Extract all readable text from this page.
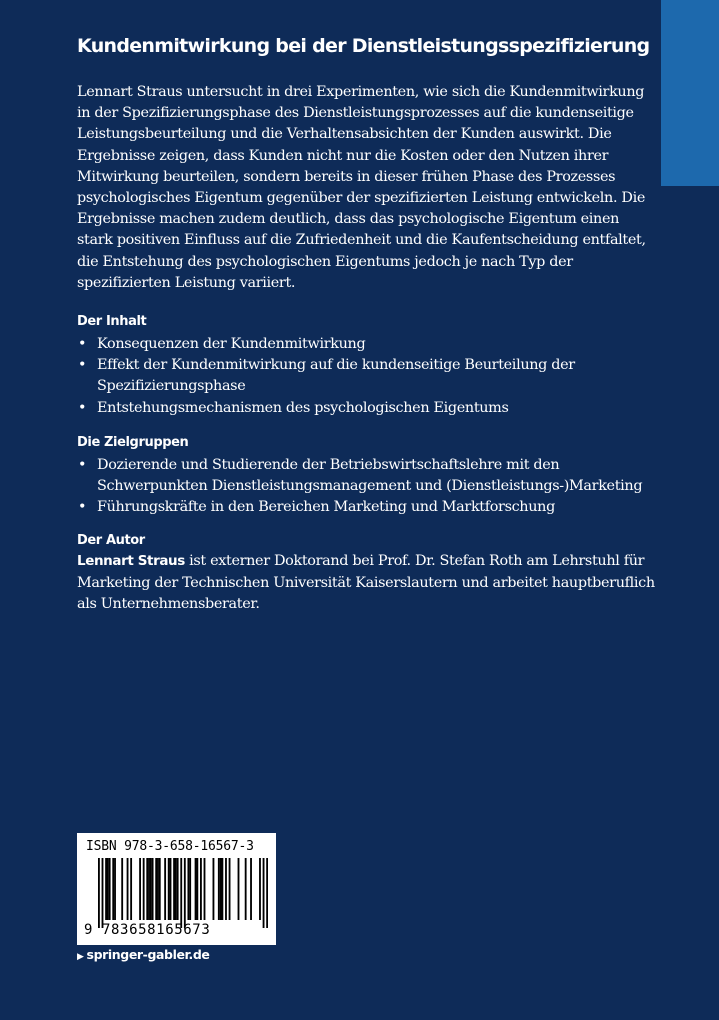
Kundenmitwirkung bei der Dienstleistungsspezifizierung

Lennart Straus untersucht in drei Experimenten, wie sich die Kundenmitwirkung in der Spezifizierungsphase des Dienstleistungsprozesses auf die kundenseitige Leistungsbeurteilung und die Verhaltensabsichten der Kunden auswirkt. Die Ergebnisse zeigen, dass Kunden nicht nur die Kosten oder den Nutzen ihrer Mitwirkung beurteilen, sondern bereits in dieser frühen Phase des Prozesses psychologisches Eigentum gegenüber der spezifizierten Leistung entwickeln. Die Ergebnisse machen zudem deutlich, dass das psychologische Eigentum einen stark positiven Einfluss auf die Zufriedenheit und die Kaufentscheidung entfaltet, die Entstehung des psychologischen Eigentums jedoch je nach Typ der spezifizierten Leistung variiert.

Der Inhalt
• Konsequenzen der Kundenmitwirkung
• Effekt der Kundenmitwirkung auf die kundenseitige Beurteilung der Spezifizierungsphase
• Entstehungsmechanismen des psychologischen Eigentums
Die Zielgruppen
• Dozierende und Studierende der Betriebswirtschaftslehre mit den Schwerpunkten Dienstleistungsmanagement und (Dienstleistungs-)Marketing
• Führungskräfte in den Bereichen Marketing und Marktforschung
Der Autor

Lennart Straus ist externer Doktorand bei Prof. Dr. Stefan Roth am Lehrstuhl für Marketing der Technischen Universität Kaiserslautern und arbeitet hauptberuflich als Unternehmensberater.

ISBN 978-3-658-16567-3
9 783658165673
▶ springer-gabler.de
